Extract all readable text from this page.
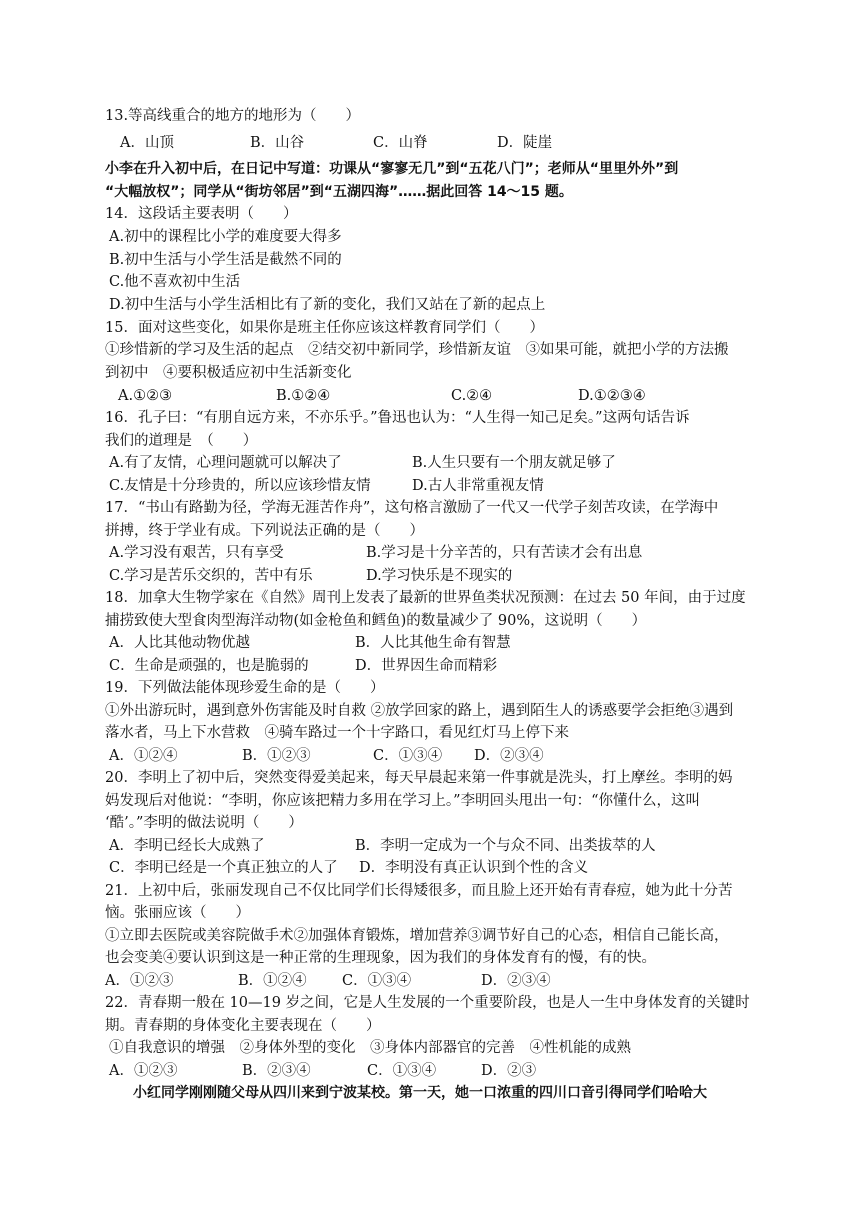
13.等高线重合的地方的地形为（　　）
A．山顶	B．山谷	C．山脊	D．陡崖
小李在升入初中后，在日记中写道：功课从“寥寥无几”到“五花八门”；老师从“里里外外”到
“大幅放权”；同学从“街坊邻居”到“五湖四海”……据此回答 14～15 题。
14．这段话主要表明（　　）
A.初中的课程比小学的难度要大得多
B.初中生活与小学生活是截然不同的
C.他不喜欢初中生活
D.初中生活与小学生活相比有了新的变化，我们又站在了新的起点上
15．面对这些变化，如果你是班主任你应该这样教育同学们（　　）
①珍惜新的学习及生活的起点　②结交初中新同学，珍惜新友谊　③如果可能，就把小学的方法搬
到初中　④要积极适应初中生活新变化
A.①②③	B.①②④	C.②④	D.①②③④
16．孔子曰：“有朋自远方来，不亦乐乎。”鲁迅也认为：“人生得一知己足矣。”这两句话告诉
我们的道理是　（　　）
A.有了友情，心理问题就可以解决了	B.人生只要有一个朋友就足够了
C.友情是十分珍贵的，所以应该珍惜友情	D.古人非常重视友情
17．“书山有路勤为径，学海无涯苦作舟”，这句格言激励了一代又一代学子刻苦攻读，在学海中
拼搏，终于学业有成。下列说法正确的是（　　）
A.学习没有艰苦，只有享受	B.学习是十分辛苦的，只有苦读才会有出息
C.学习是苦乐交织的，苦中有乐	D.学习快乐是不现实的
18．加拿大生物学家在《自然》周刊上发表了最新的世界鱼类状况预测：在过去 50 年间，由于过度
捕捞致使大型食肉型海洋动物(如金枪鱼和鳕鱼)的数量减少了 90%，这说明（　　）
A．人比其他动物优越	B．人比其他生命有智慧
C．生命是顽强的，也是脆弱的	D．世界因生命而精彩
19．下列做法能体现珍爱生命的是（　　）
①外出游玩时，遇到意外伤害能及时自救 ②放学回家的路上，遇到陌生人的诱惑要学会拒绝③遇到
落水者，马上下水营救　④骑车路过一个十字路口，看见红灯马上停下来
A．①②④	B．①②③	C．①③④ D．②③④
20．李明上了初中后，突然变得爱美起来，每天早晨起来第一件事就是洗头，打上摩丝。李明的妈
妈发现后对他说：“李明，你应该把精力多用在学习上。”李明回头甩出一句：“你懂什么，这叫
‘酷’。”李明的做法说明（　　）
A．李明已经长大成熟了	B．李明一定成为一个与众不同、出类拔萃的人
C．李明已经是一个真正独立的人了 D．李明没有真正认识到个性的含义
21．上初中后，张丽发现自己不仅比同学们长得矮很多，而且脸上还开始有青春痘，她为此十分苦
恼。张丽应该（　　）
①立即去医院或美容院做手术②加强体育锻炼，增加营养③调节好自己的心态，相信自己能长高，
也会变美④要认识到这是一种正常的生理现象，因为我们的身体发育有的慢，有的快。
A．①②③	B．①②④ C．①③④	D．②③④
22．青春期一般在 10—19 岁之间，它是人生发展的一个重要阶段，也是人一生中身体发育的关键时
期。青春期的身体变化主要表现在（　　）
①自我意识的增强　②身体外型的变化　③身体内部器官的完善　④性机能的成熟
A．①②③	B．②③④	C．①③④	D．②③
小红同学刚刚随父母从四川来到宁波某校。第一天，她一口浓重的四川口音引得同学们哈哈大
